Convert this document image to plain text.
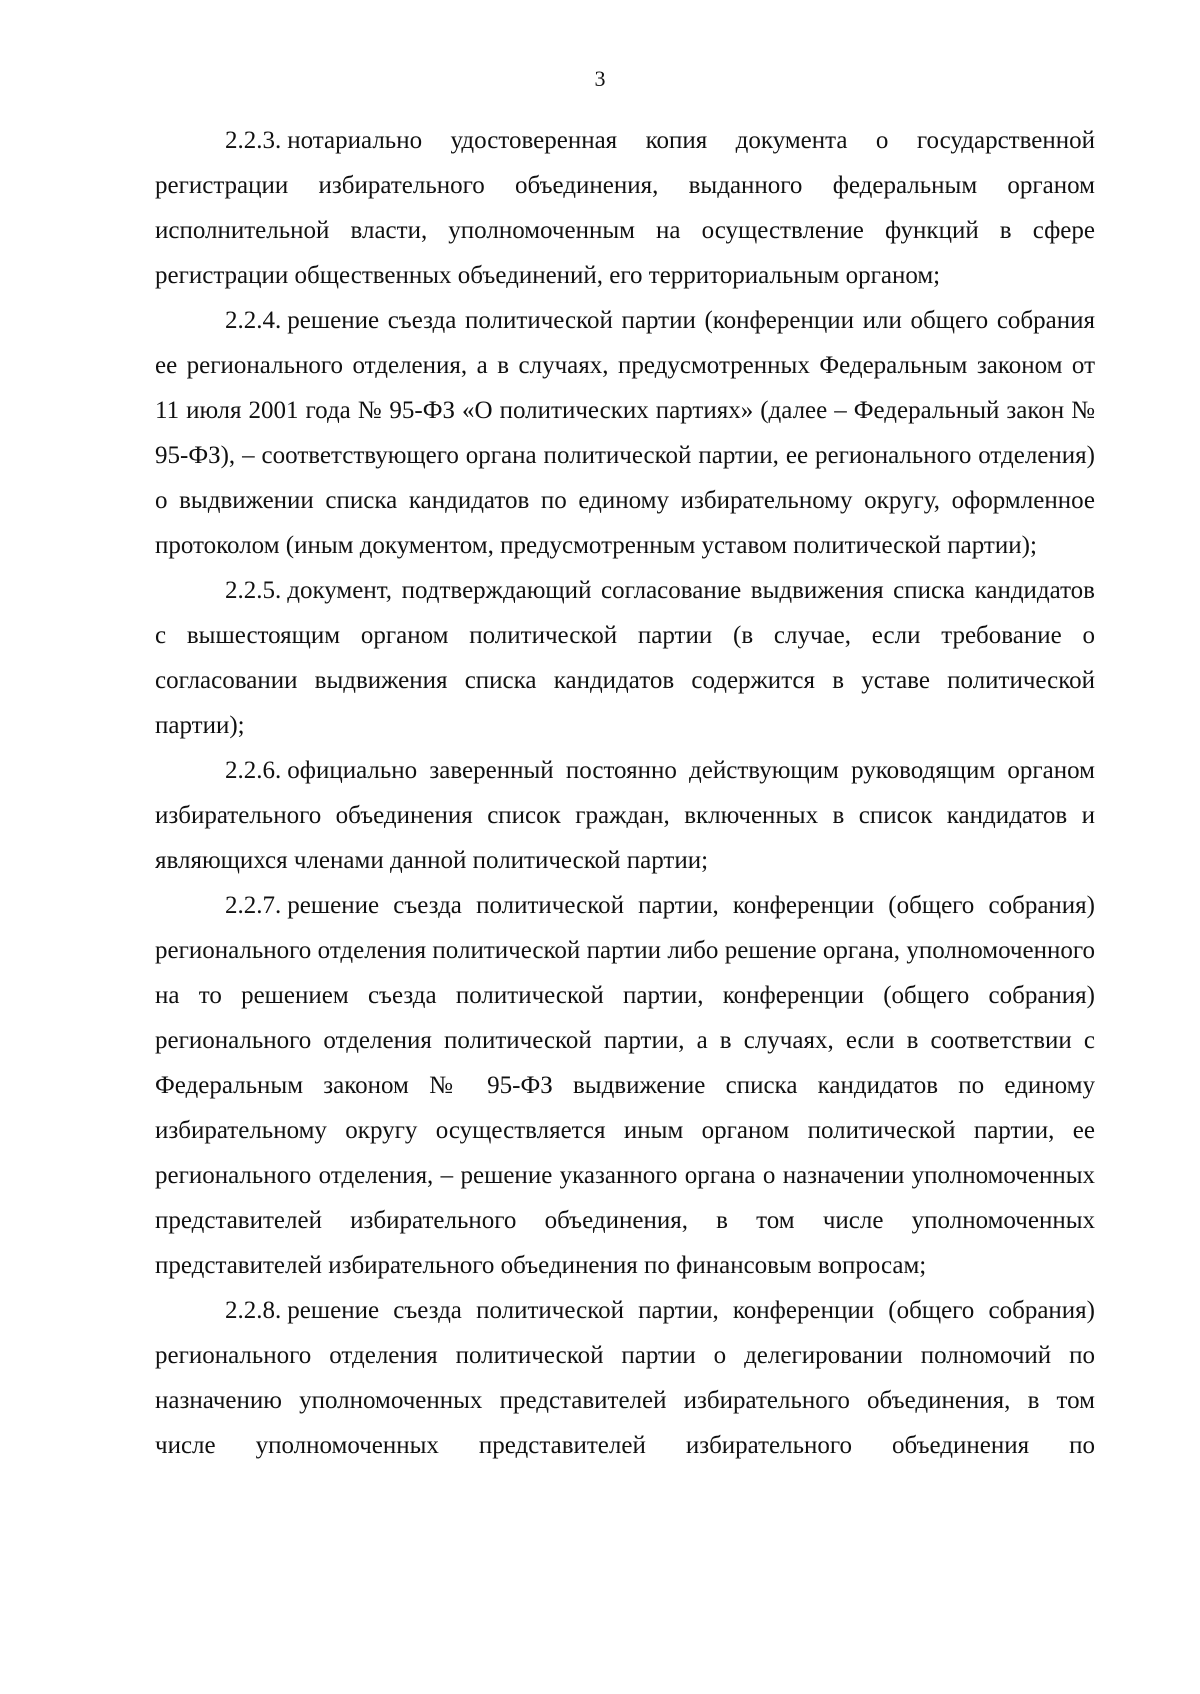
3

2.2.3. нотариально удостоверенная копия документа о государственной регистрации избирательного объединения, выданного федеральным органом исполнительной власти, уполномоченным на осуществление функций в сфере регистрации общественных объединений, его территориальным органом;

2.2.4. решение съезда политической партии (конференции или общего собрания ее регионального отделения, а в случаях, предусмотренных Федеральным законом от 11 июля 2001 года № 95-ФЗ «О политических партиях» (далее – Федеральный закон № 95-ФЗ), – соответствующего органа политической партии, ее регионального отделения) о выдвижении списка кандидатов по единому избирательному округу, оформленное протоколом (иным документом, предусмотренным уставом политической партии);

2.2.5. документ, подтверждающий согласование выдвижения списка кандидатов с вышестоящим органом политической партии (в случае, если требование о согласовании выдвижения списка кандидатов содержится в уставе политической партии);

2.2.6. официально заверенный постоянно действующим руководящим органом избирательного объединения список граждан, включенных в список кандидатов и являющихся членами данной политической партии;

2.2.7. решение съезда политической партии, конференции (общего собрания) регионального отделения политической партии либо решение органа, уполномоченного на то решением съезда политической партии, конференции (общего собрания) регионального отделения политической партии, а в случаях, если в соответствии с Федеральным законом № 95-ФЗ выдвижение списка кандидатов по единому избирательному округу осуществляется иным органом политической партии, ее регионального отделения, – решение указанного органа о назначении уполномоченных представителей избирательного объединения, в том числе уполномоченных представителей избирательного объединения по финансовым вопросам;

2.2.8. решение съезда политической партии, конференции (общего собрания) регионального отделения политической партии о делегировании полномочий по назначению уполномоченных представителей избирательного объединения, в том числе уполномоченных представителей избирательного объединения по
